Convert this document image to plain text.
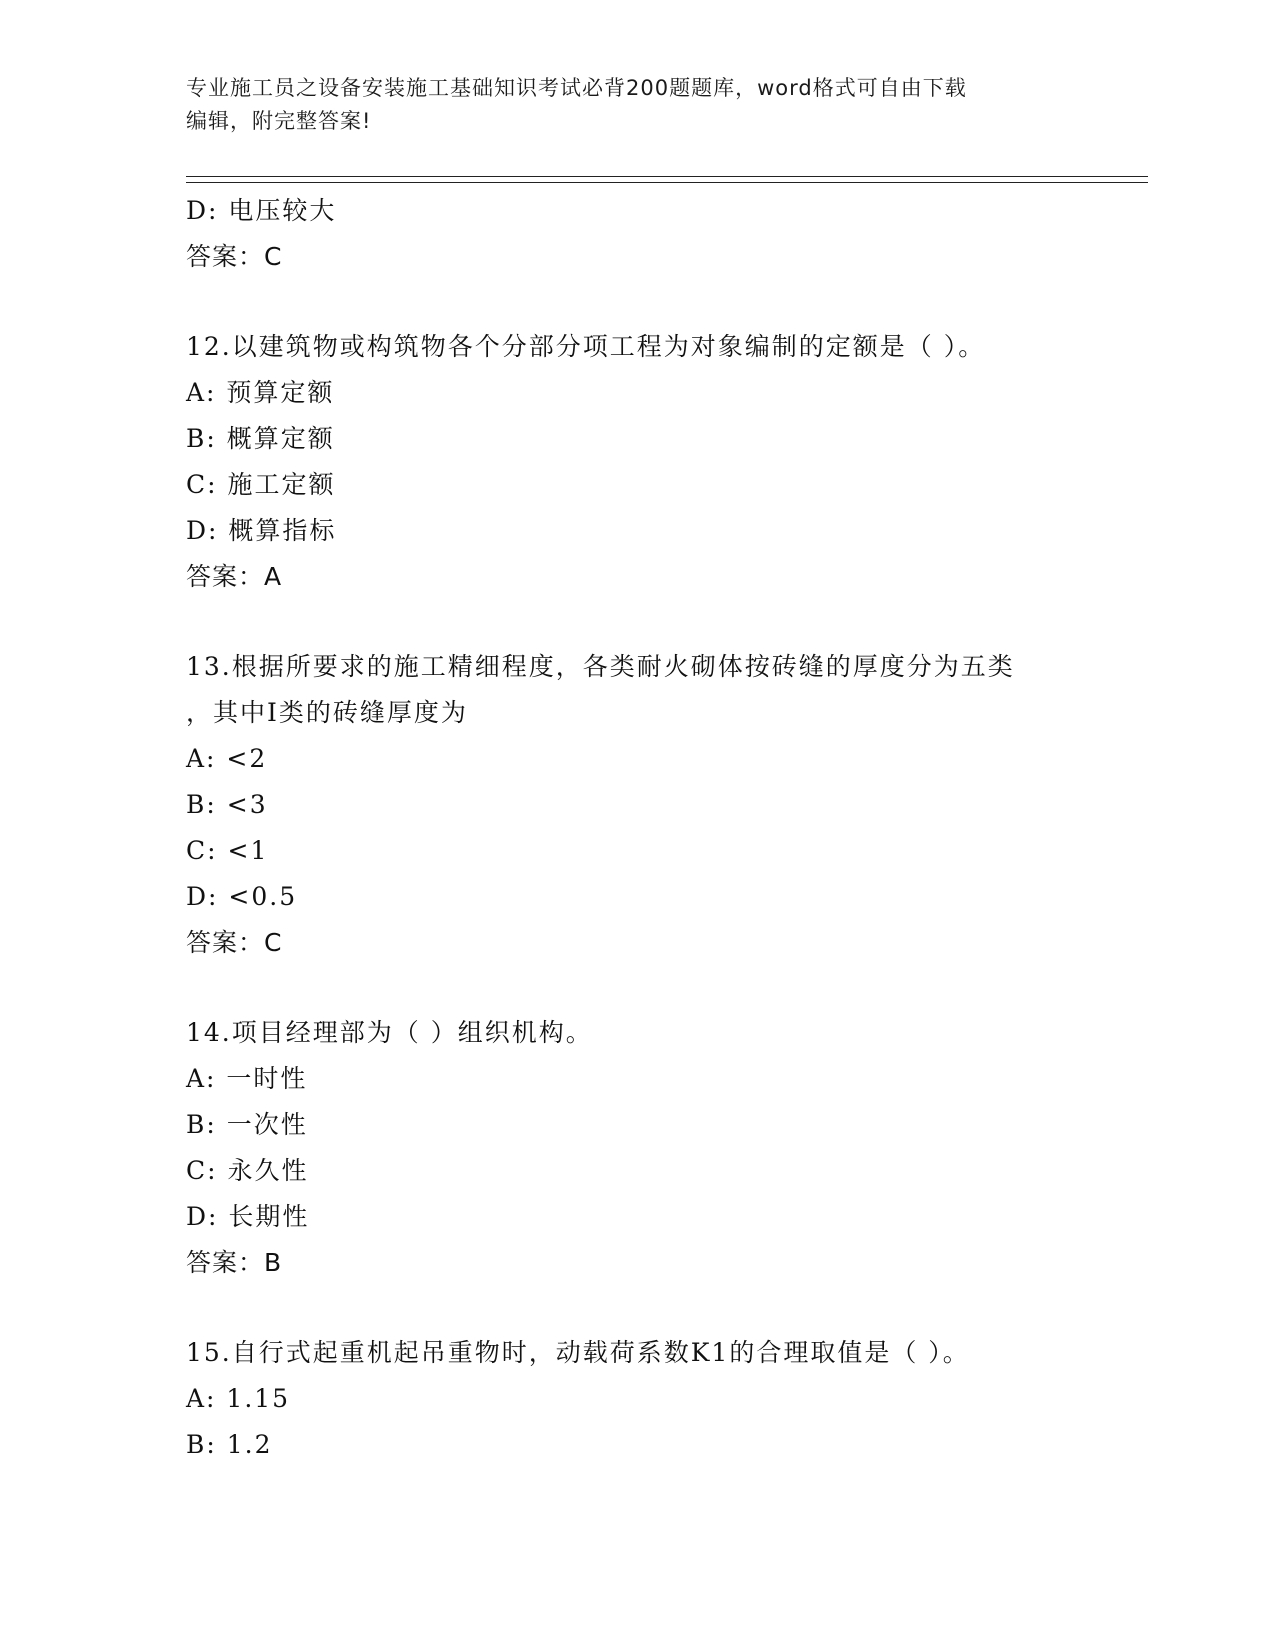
专业施工员之设备安装施工基础知识考试必背200题题库，word格式可自由下载
编辑，附完整答案!
D: 电压较大
答案：C
12.以建筑物或构筑物各个分部分项工程为对象编制的定额是（ ）。
A: 预算定额
B: 概算定额
C: 施工定额
D: 概算指标
答案：A
13.根据所要求的施工精细程度，各类耐火砌体按砖缝的厚度分为五类
，其中Ⅰ类的砖缝厚度为
A: <2
B: <3
C: <1
D: <0.5
答案：C
14.项目经理部为（ ）组织机构。
A: 一时性
B: 一次性
C: 永久性
D: 长期性
答案：B
15.自行式起重机起吊重物时，动载荷系数K1的合理取值是（ ）。
A: 1.15
B: 1.2
